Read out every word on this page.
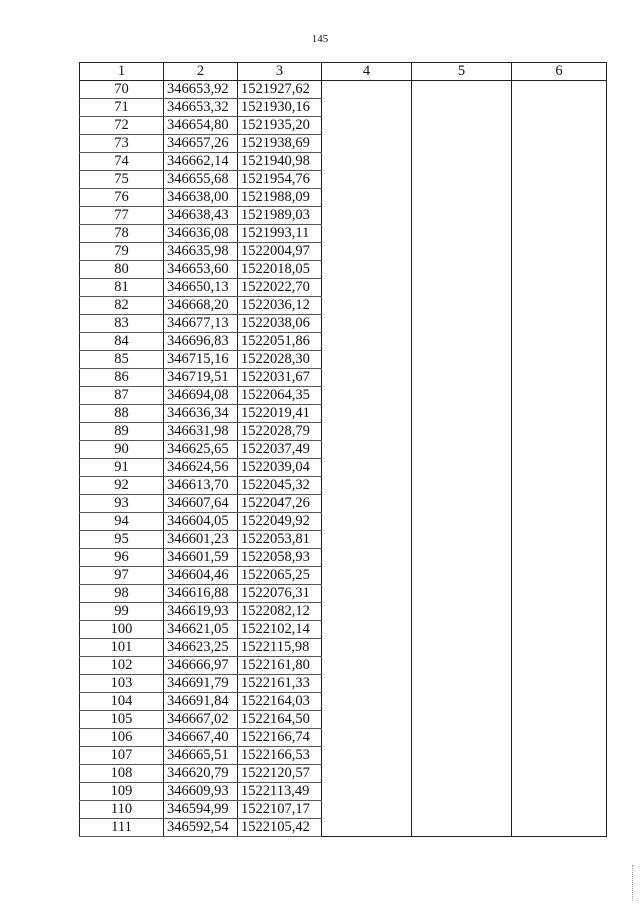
145
1	2	3	4	5	6
70	346653,92	1521927,62			
71	346653,32	1521930,16			
72	346654,80	1521935,20			
73	346657,26	1521938,69			
74	346662,14	1521940,98			
75	346655,68	1521954,76			
76	346638,00	1521988,09			
77	346638,43	1521989,03			
78	346636,08	1521993,11			
79	346635,98	1522004,97			
80	346653,60	1522018,05			
81	346650,13	1522022,70			
82	346668,20	1522036,12			
83	346677,13	1522038,06			
84	346696,83	1522051,86			
85	346715,16	1522028,30			
86	346719,51	1522031,67			
87	346694,08	1522064,35			
88	346636,34	1522019,41			
89	346631,98	1522028,79			
90	346625,65	1522037,49			
91	346624,56	1522039,04			
92	346613,70	1522045,32			
93	346607,64	1522047,26			
94	346604,05	1522049,92			
95	346601,23	1522053,81			
96	346601,59	1522058,93			
97	346604,46	1522065,25			
98	346616,88	1522076,31			
99	346619,93	1522082,12			
100	346621,05	1522102,14			
101	346623,25	1522115,98			
102	346666,97	1522161,80			
103	346691,79	1522161,33			
104	346691,84	1522164,03			
105	346667,02	1522164,50			
106	346667,40	1522166,74			
107	346665,51	1522166,53			
108	346620,79	1522120,57			
109	346609,93	1522113,49			
110	346594,99	1522107,17			
111	346592,54	1522105,42			
